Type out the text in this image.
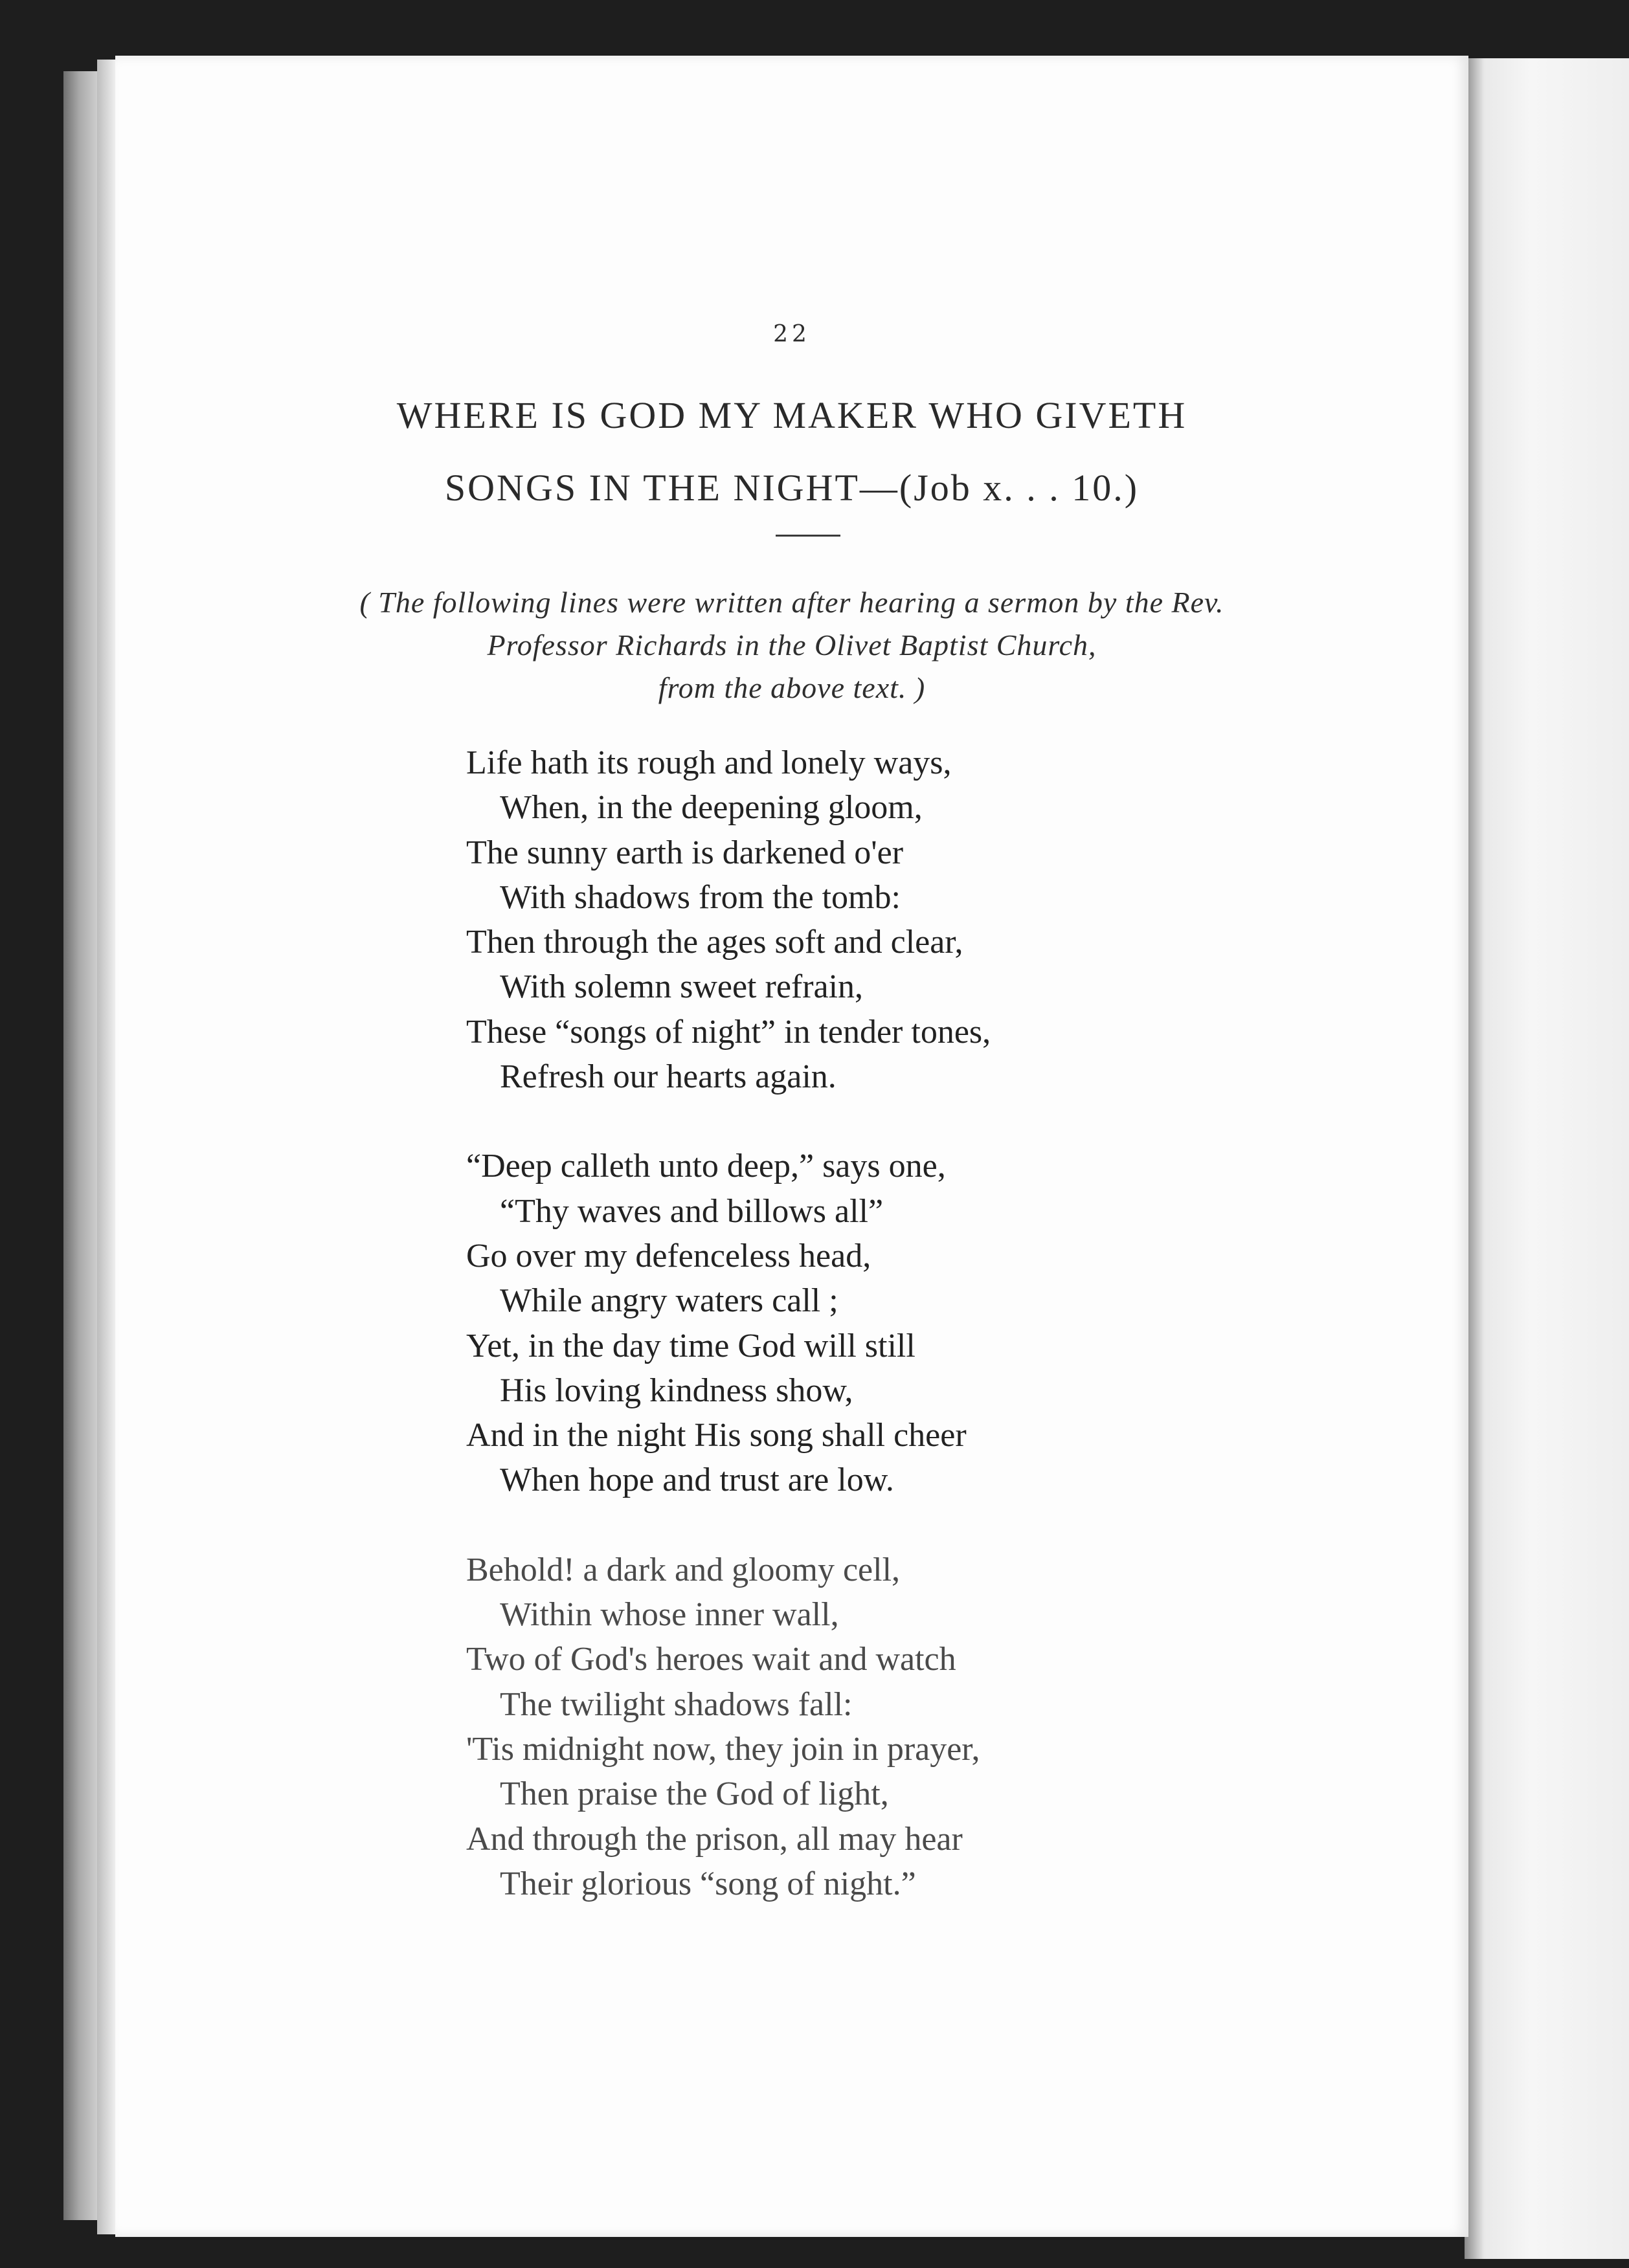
22
WHERE IS GOD MY MAKER WHO GIVETH
SONGS IN THE NIGHT—(Job x. . . 10.)
( The following lines were written after hearing a sermon by the Rev.
Professor Richards in the Olivet Baptist Church,
from the above text. )
Life hath its rough and lonely ways,
When, in the deepening gloom,
The sunny earth is darkened o'er
With shadows from the tomb:
Then through the ages soft and clear,
With solemn sweet refrain,
These “songs of night” in tender tones,
Refresh our hearts again.
“Deep calleth unto deep,” says one,
“Thy waves and billows all”
Go over my defenceless head,
While angry waters call ;
Yet, in the day time God will still
His loving kindness show,
And in the night His song shall cheer
When hope and trust are low.
Behold! a dark and gloomy cell,
Within whose inner wall,
Two of God's heroes wait and watch
The twilight shadows fall:
'Tis midnight now, they join in prayer,
Then praise the God of light,
And through the prison, all may hear
Their glorious “song of night.”
